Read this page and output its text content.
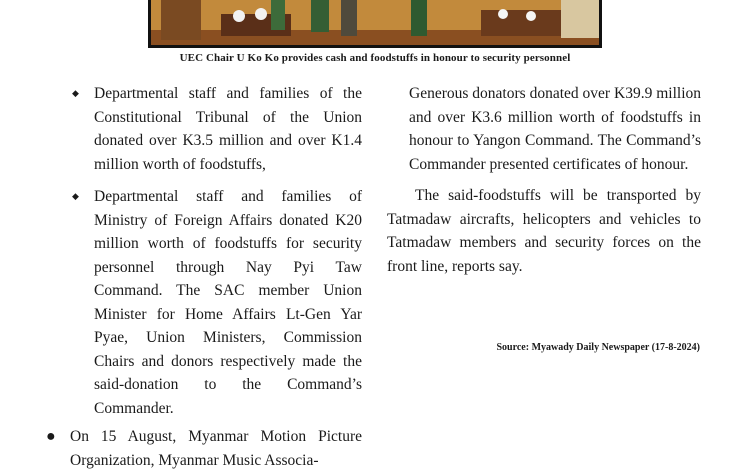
UEC Chair U Ko Ko provides cash and foodstuffs in honour to security personnel

◆ Departmental staff and families of the Constitutional Tribunal of the Union donated over K3.5 million and over K1.4 million worth of foodstuffs,

◆ Departmental staff and families of Ministry of Foreign Affairs donated K20 million worth of foodstuffs for security personnel through Nay Pyi Taw Command. The SAC member Union Minister for Home Affairs Lt-Gen Yar Pyae, Union Ministers, Commission Chairs and donors respectively made the said-donation to the Command’s Commander.

● On 15 August, Myanmar Motion Picture Organization, Myanmar Music Associa-

Generous donators donated over K39.9 million and over K3.6 million worth of foodstuffs in honour to Yangon Command. The Command’s Commander presented certificates of honour.

The said-foodstuffs will be transported by Tatmadaw aircrafts, helicopters and vehicles to Tatmadaw members and security forces on the front line, reports say.

Source: Myawady Daily Newspaper (17-8-2024)
